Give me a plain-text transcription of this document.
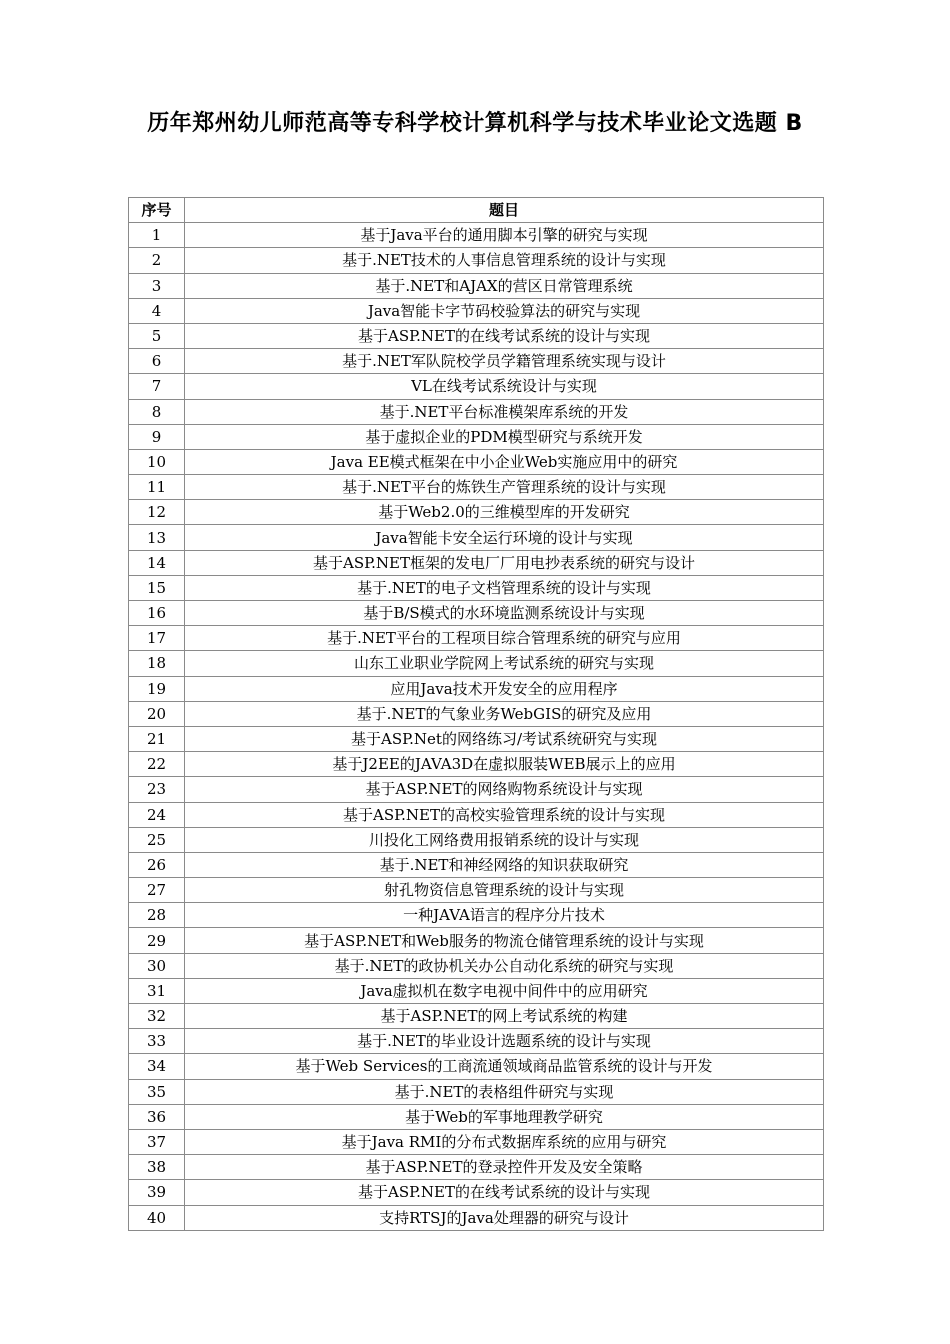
历年郑州幼儿师范高等专科学校计算机科学与技术毕业论文选题 B
序号	题目
1	基于Java平台的通用脚本引擎的研究与实现
2	基于.NET技术的人事信息管理系统的设计与实现
3	基于.NET和AJAX的营区日常管理系统
4	Java智能卡字节码校验算法的研究与实现
5	基于ASP.NET的在线考试系统的设计与实现
6	基于.NET军队院校学员学籍管理系统实现与设计
7	VL在线考试系统设计与实现
8	基于.NET平台标准模架库系统的开发
9	基于虚拟企业的PDM模型研究与系统开发
10	Java EE模式框架在中小企业Web实施应用中的研究
11	基于.NET平台的炼铁生产管理系统的设计与实现
12	基于Web2.0的三维模型库的开发研究
13	Java智能卡安全运行环境的设计与实现
14	基于ASP.NET框架的发电厂厂用电抄表系统的研究与设计
15	基于.NET的电子文档管理系统的设计与实现
16	基于B/S模式的水环境监测系统设计与实现
17	基于.NET平台的工程项目综合管理系统的研究与应用
18	山东工业职业学院网上考试系统的研究与实现
19	应用Java技术开发安全的应用程序
20	基于.NET的气象业务WebGIS的研究及应用
21	基于ASP.Net的网络练习/考试系统研究与实现
22	基于J2EE的JAVA3D在虚拟服装WEB展示上的应用
23	基于ASP.NET的网络购物系统设计与实现
24	基于ASP.NET的高校实验管理系统的设计与实现
25	川投化工网络费用报销系统的设计与实现
26	基于.NET和神经网络的知识获取研究
27	射孔物资信息管理系统的设计与实现
28	一种JAVA语言的程序分片技术
29	基于ASP.NET和Web服务的物流仓储管理系统的设计与实现
30	基于.NET的政协机关办公自动化系统的研究与实现
31	Java虚拟机在数字电视中间件中的应用研究
32	基于ASP.NET的网上考试系统的构建
33	基于.NET的毕业设计选题系统的设计与实现
34	基于Web Services的工商流通领域商品监管系统的设计与开发
35	基于.NET的表格组件研究与实现
36	基于Web的军事地理教学研究
37	基于Java RMI的分布式数据库系统的应用与研究
38	基于ASP.NET的登录控件开发及安全策略
39	基于ASP.NET的在线考试系统的设计与实现
40	支持RTSJ的Java处理器的研究与设计
